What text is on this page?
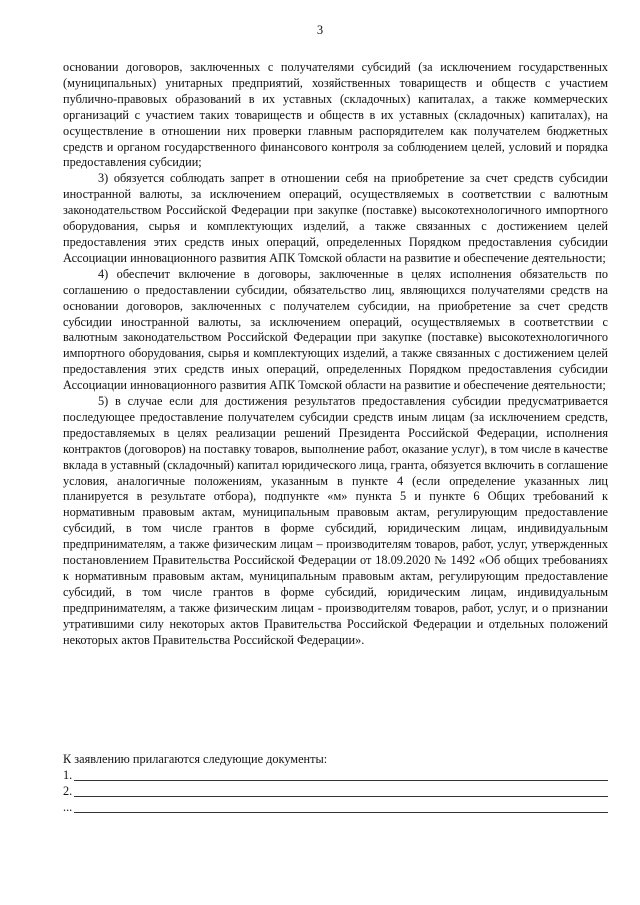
3

основании договоров, заключенных с получателями субсидий (за исключением государственных (муниципальных) унитарных предприятий, хозяйственных товариществ и обществ с участием публично-правовых образований в их уставных (складочных) капиталах, а также коммерческих организаций с участием таких товариществ и обществ в их уставных (складочных) капиталах), на осуществление в отношении них проверки главным распорядителем как получателем бюджетных средств и органом государственного финансового контроля за соблюдением целей, условий и порядка предоставления субсидии;

3) обязуется соблюдать запрет в отношении себя на приобретение за счет средств субсидии иностранной валюты, за исключением операций, осуществляемых в соответствии с валютным законодательством Российской Федерации при закупке (поставке) высокотехнологичного импортного оборудования, сырья и комплектующих изделий, а также связанных с достижением целей предоставления этих средств иных операций, определенных Порядком предоставления субсидии Ассоциации инновационного развития АПК Томской области на развитие и обеспечение деятельности;

4) обеспечит включение в договоры, заключенные в целях исполнения обязательств по соглашению о предоставлении субсидии, обязательство лиц, являющихся получателями средств на основании договоров, заключенных с получателем субсидии, на приобретение за счет средств субсидии иностранной валюты, за исключением операций, осуществляемых в соответствии с валютным законодательством Российской Федерации при закупке (поставке) высокотехнологичного импортного оборудования, сырья и комплектующих изделий, а также связанных с достижением целей предоставления этих средств иных операций, определенных Порядком предоставления субсидии Ассоциации инновационного развития АПК Томской области на развитие и обеспечение деятельности;

5) в случае если для достижения результатов предоставления субсидии предусматривается последующее предоставление получателем субсидии средств иным лицам (за исключением средств, предоставляемых в целях реализации решений Президента Российской Федерации, исполнения контрактов (договоров) на поставку товаров, выполнение работ, оказание услуг), в том числе в качестве вклада в уставный (складочный) капитал юридического лица, гранта, обязуется включить в соглашение условия, аналогичные положениям, указанным в пункте 4 (если определение указанных лиц планируется в результате отбора), подпункте «м» пункта 5 и пункте 6 Общих требований к нормативным правовым актам, муниципальным правовым актам, регулирующим предоставление субсидий, в том числе грантов в форме субсидий, юридическим лицам, индивидуальным предпринимателям, а также физическим лицам – производителям товаров, работ, услуг, утвержденных постановлением Правительства Российской Федерации от 18.09.2020 № 1492 «Об общих требованиях к нормативным правовым актам, муниципальным правовым актам, регулирующим предоставление субсидий, в том числе грантов в форме субсидий, юридическим лицам, индивидуальным предпринимателям, а также физическим лицам - производителям товаров, работ, услуг, и о признании утратившими силу некоторых актов Правительства Российской Федерации и отдельных положений некоторых актов Правительства Российской Федерации».

К заявлению прилагаются следующие документы:

1.
2.
...
